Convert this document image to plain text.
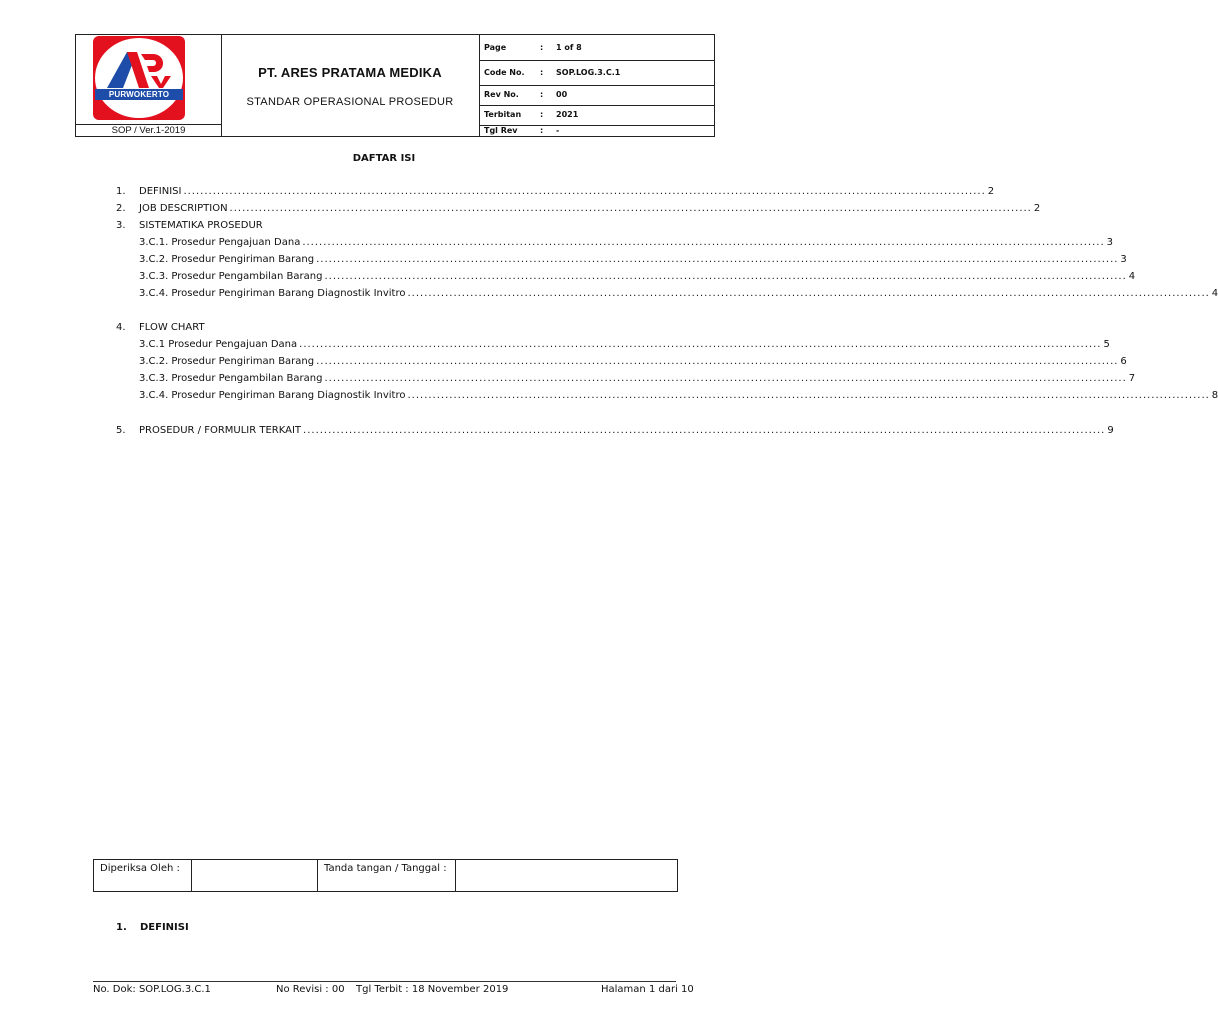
PURWOKERTO
SOP / Ver.1-2019
PT. ARES PRATAMA MEDIKA
STANDAR OPERASIONAL PROSEDUR
Page	: 1 of 8
Code No. : SOP.LOG.3.C.1
Rev No.	: 00
Terbitan : 2021
Tgl Rev	: -
DAFTAR ISI
1. DEFINISI ................................................................................................................................................................................................ 2
2. JOB DESCRIPTION ................................................................................................................................................................................................ 2
3. SISTEMATIKA PROSEDUR
3.C.1. Prosedur Pengajuan Dana ................................................................................................................................................................................................ 3
3.C.2. Prosedur Pengiriman Barang ................................................................................................................................................................................................ 3
3.C.3. Prosedur Pengambilan Barang ................................................................................................................................................................................................ 4
3.C.4. Prosedur Pengiriman Barang Diagnostik Invitro ................................................................................................................................................................................................ 4
4. FLOW CHART
3.C.1 Prosedur Pengajuan Dana ................................................................................................................................................................................................ 5
3.C.2. Prosedur Pengiriman Barang ................................................................................................................................................................................................ 6
3.C.3. Prosedur Pengambilan Barang ................................................................................................................................................................................................ 7
3.C.4. Prosedur Pengiriman Barang Diagnostik Invitro ................................................................................................................................................................................................ 8
5. PROSEDUR / FORMULIR TERKAIT ................................................................................................................................................................................................ 9
Diperiksa Oleh :	Tanda tangan / Tanggal :
1. DEFINISI
No. Dok: SOP.LOG.3.C.1	No Revisi : 00 Tgl Terbit : 18 November 2019	Halaman 1 dari 10
